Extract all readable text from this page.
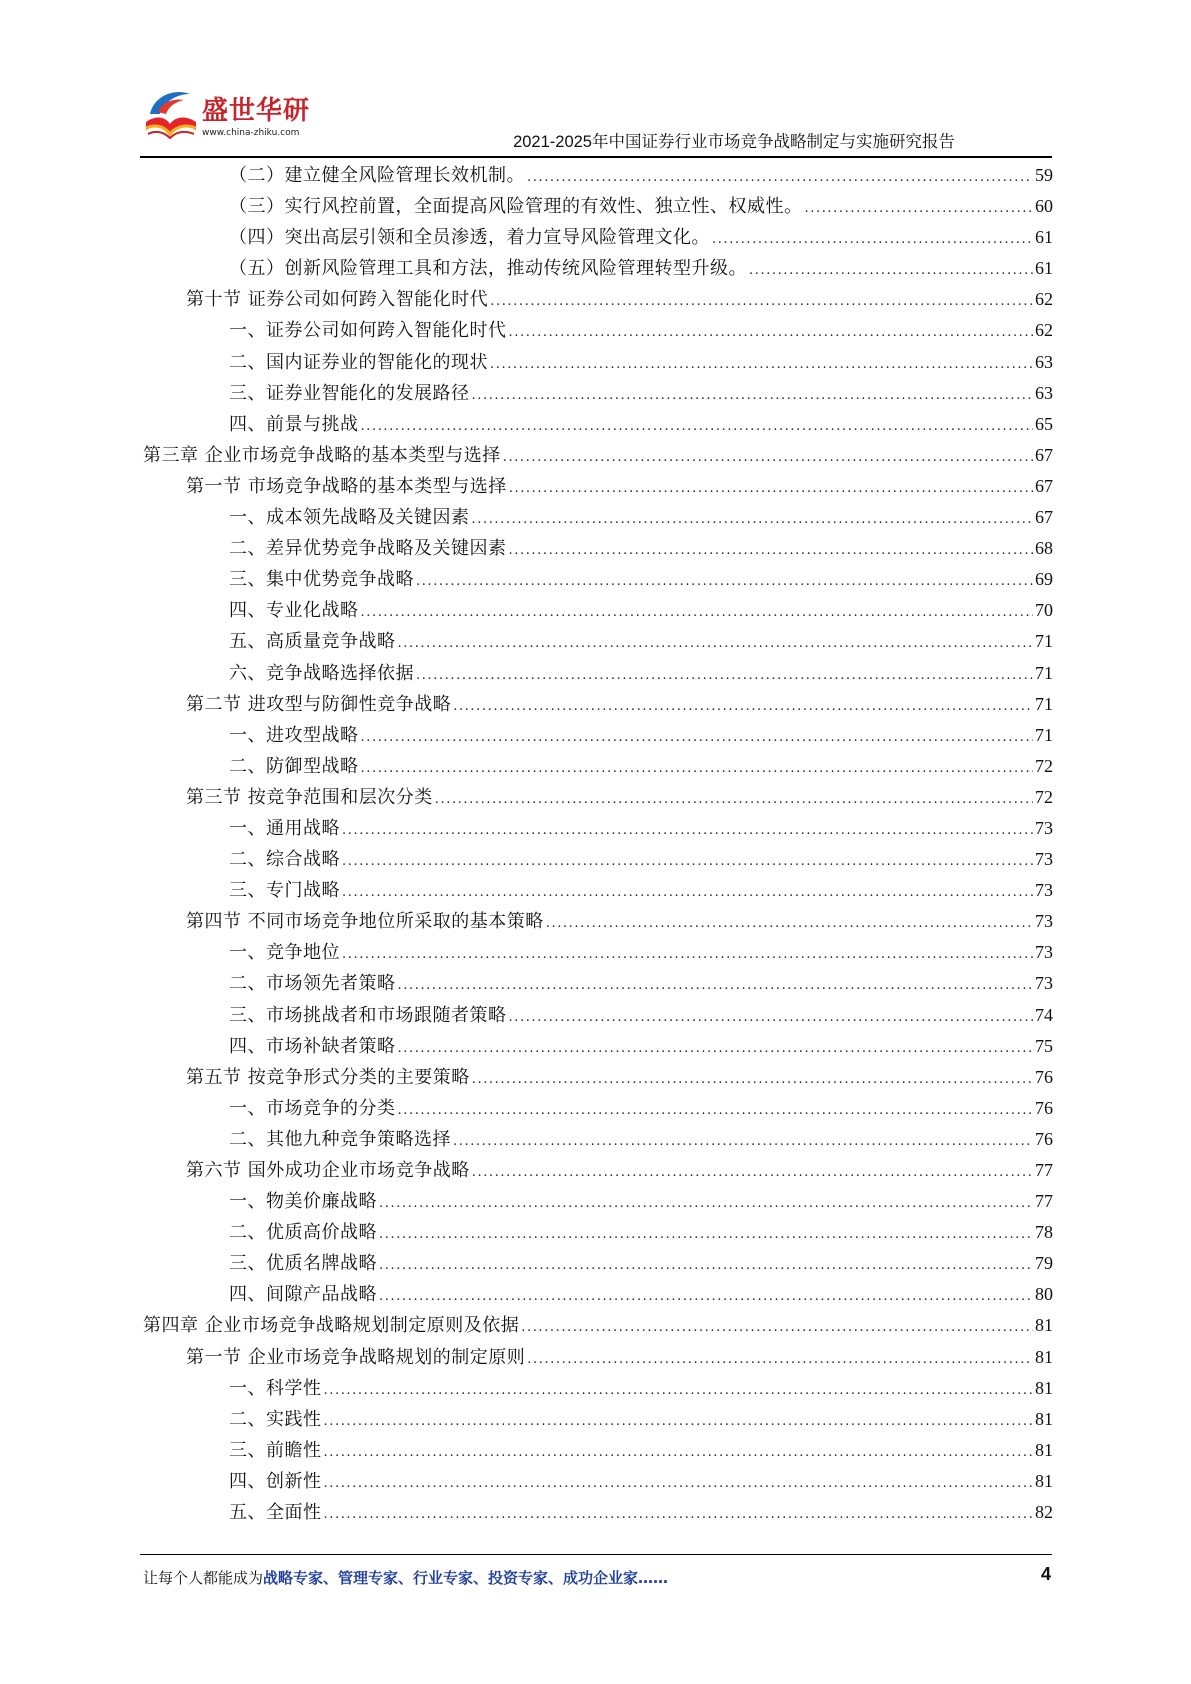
盛世华研
www.china-zhiku.com	2021-2025年中国证券行业市场竞争战略制定与实施研究报告
（二）建立健全风险管理长效机制。 .....	59
（三）实行风控前置，全面提高风险管理的有效性、独立性、权威性。 .....	60
（四）突出高层引领和全员渗透，着力宣导风险管理文化。 .....	61
（五）创新风险管理工具和方法，推动传统风险管理转型升级。 .....	61
第十节 证券公司如何跨入智能化时代 .....	62
一、证券公司如何跨入智能化时代 .....	62
二、国内证券业的智能化的现状 .....	63
三、证券业智能化的发展路径 .....	63
四、前景与挑战 .....	65
第三章 企业市场竞争战略的基本类型与选择 .....	67
第一节 市场竞争战略的基本类型与选择 .....	67
一、成本领先战略及关键因素 .....	67
二、差异优势竞争战略及关键因素 .....	68
三、集中优势竞争战略 .....	69
四、专业化战略 .....	70
五、高质量竞争战略 .....	71
六、竞争战略选择依据 .....	71
第二节 进攻型与防御性竞争战略 .....	71
一、进攻型战略 .....	71
二、防御型战略 .....	72
第三节 按竞争范围和层次分类 .....	72
一、通用战略 .....	73
二、综合战略 .....	73
三、专门战略 .....	73
第四节 不同市场竞争地位所采取的基本策略 .....	73
一、竞争地位 .....	73
二、市场领先者策略 .....	73
三、市场挑战者和市场跟随者策略 .....	74
四、市场补缺者策略 .....	75
第五节 按竞争形式分类的主要策略 .....	76
一、市场竞争的分类 .....	76
二、其他九种竞争策略选择 .....	76
第六节 国外成功企业市场竞争战略 .....	77
一、物美价廉战略 .....	77
二、优质高价战略 .....	78
三、优质名牌战略 .....	79
四、间隙产品战略 .....	80
第四章 企业市场竞争战略规划制定原则及依据 .....	81
第一节 企业市场竞争战略规划的制定原则 .....	81
一、科学性 .....	81
二、实践性 .....	81
三、前瞻性 .....	81
四、创新性 .....	81
五、全面性 .....	82
让每个人都能成为战略专家、管理专家、行业专家、投资专家、成功企业家……	4
